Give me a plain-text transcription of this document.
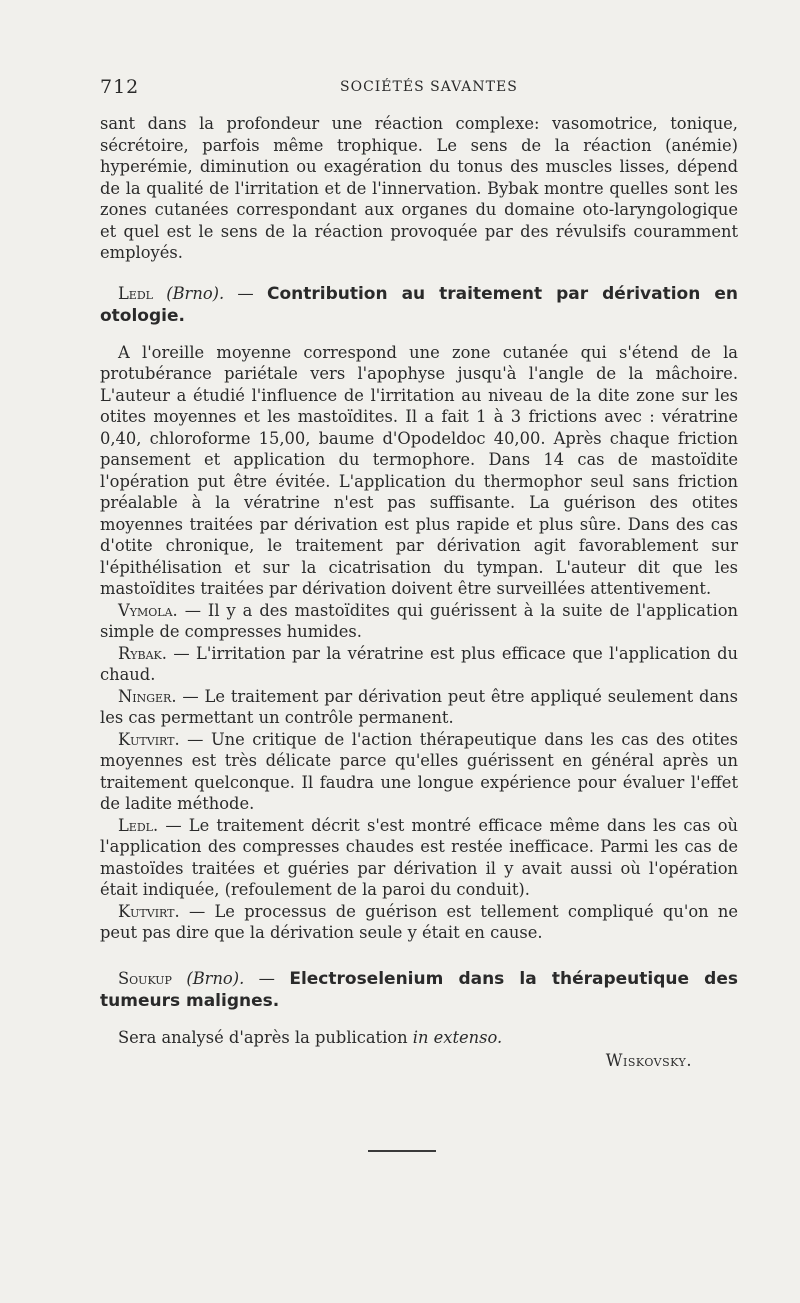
712	SOCIÉTÉS SAVANTES

sant dans la profondeur une réaction complexe: vasomotrice, tonique, sécrétoire, parfois même trophique. Le sens de la réaction (anémie) hyperémie, diminution ou exagération du tonus des muscles lisses, dépend de la qualité de l'irritation et de l'innervation. Bybak montre quelles sont les zones cutanées correspondant aux organes du domaine oto-laryngologique et quel est le sens de la réaction provoquée par des révulsifs couramment employés.

Ledl (Brno). — Contribution au traitement par dérivation en otologie.

A l'oreille moyenne correspond une zone cutanée qui s'étend de la protubérance pariétale vers l'apophyse jusqu'à l'angle de la mâchoire. L'auteur a étudié l'influence de l'irritation au niveau de la dite zone sur les otites moyennes et les mastoïdites. Il a fait 1 à 3 frictions avec : vératrine 0,40, chloroforme 15,00, baume d'Opodeldoc 40,00. Après chaque friction pansement et application du termophore. Dans 14 cas de mastoïdite l'opération put être évitée. L'application du thermophor seul sans friction préalable à la vératrine n'est pas suffisante. La guérison des otites moyennes traitées par dérivation est plus rapide et plus sûre. Dans des cas d'otite chronique, le traitement par dérivation agit favorablement sur l'épithélisation et sur la cicatrisation du tympan. L'auteur dit que les mastoïdites traitées par dérivation doivent être surveillées attentivement.

Vymola. — Il y a des mastoïdites qui guérissent à la suite de l'application simple de compresses humides.

Rybak. — L'irritation par la vératrine est plus efficace que l'application du chaud.

Ninger. — Le traitement par dérivation peut être appliqué seulement dans les cas permettant un contrôle permanent.

Kutvirt. — Une critique de l'action thérapeutique dans les cas des otites moyennes est très délicate parce qu'elles guérissent en général après un traitement quelconque. Il faudra une longue expérience pour évaluer l'effet de ladite méthode.

Ledl. — Le traitement décrit s'est montré efficace même dans les cas où l'application des compresses chaudes est restée inefficace. Parmi les cas de mastoïdes traitées et guéries par dérivation il y avait aussi où l'opération était indiquée, (refoulement de la paroi du conduit).

Kutvirt. — Le processus de guérison est tellement compliqué qu'on ne peut pas dire que la dérivation seule y était en cause.

Soukup (Brno). — Electroselenium dans la thérapeutique des tumeurs malignes.

Sera analysé d'après la publication in extenso.

Wiskovsky.
